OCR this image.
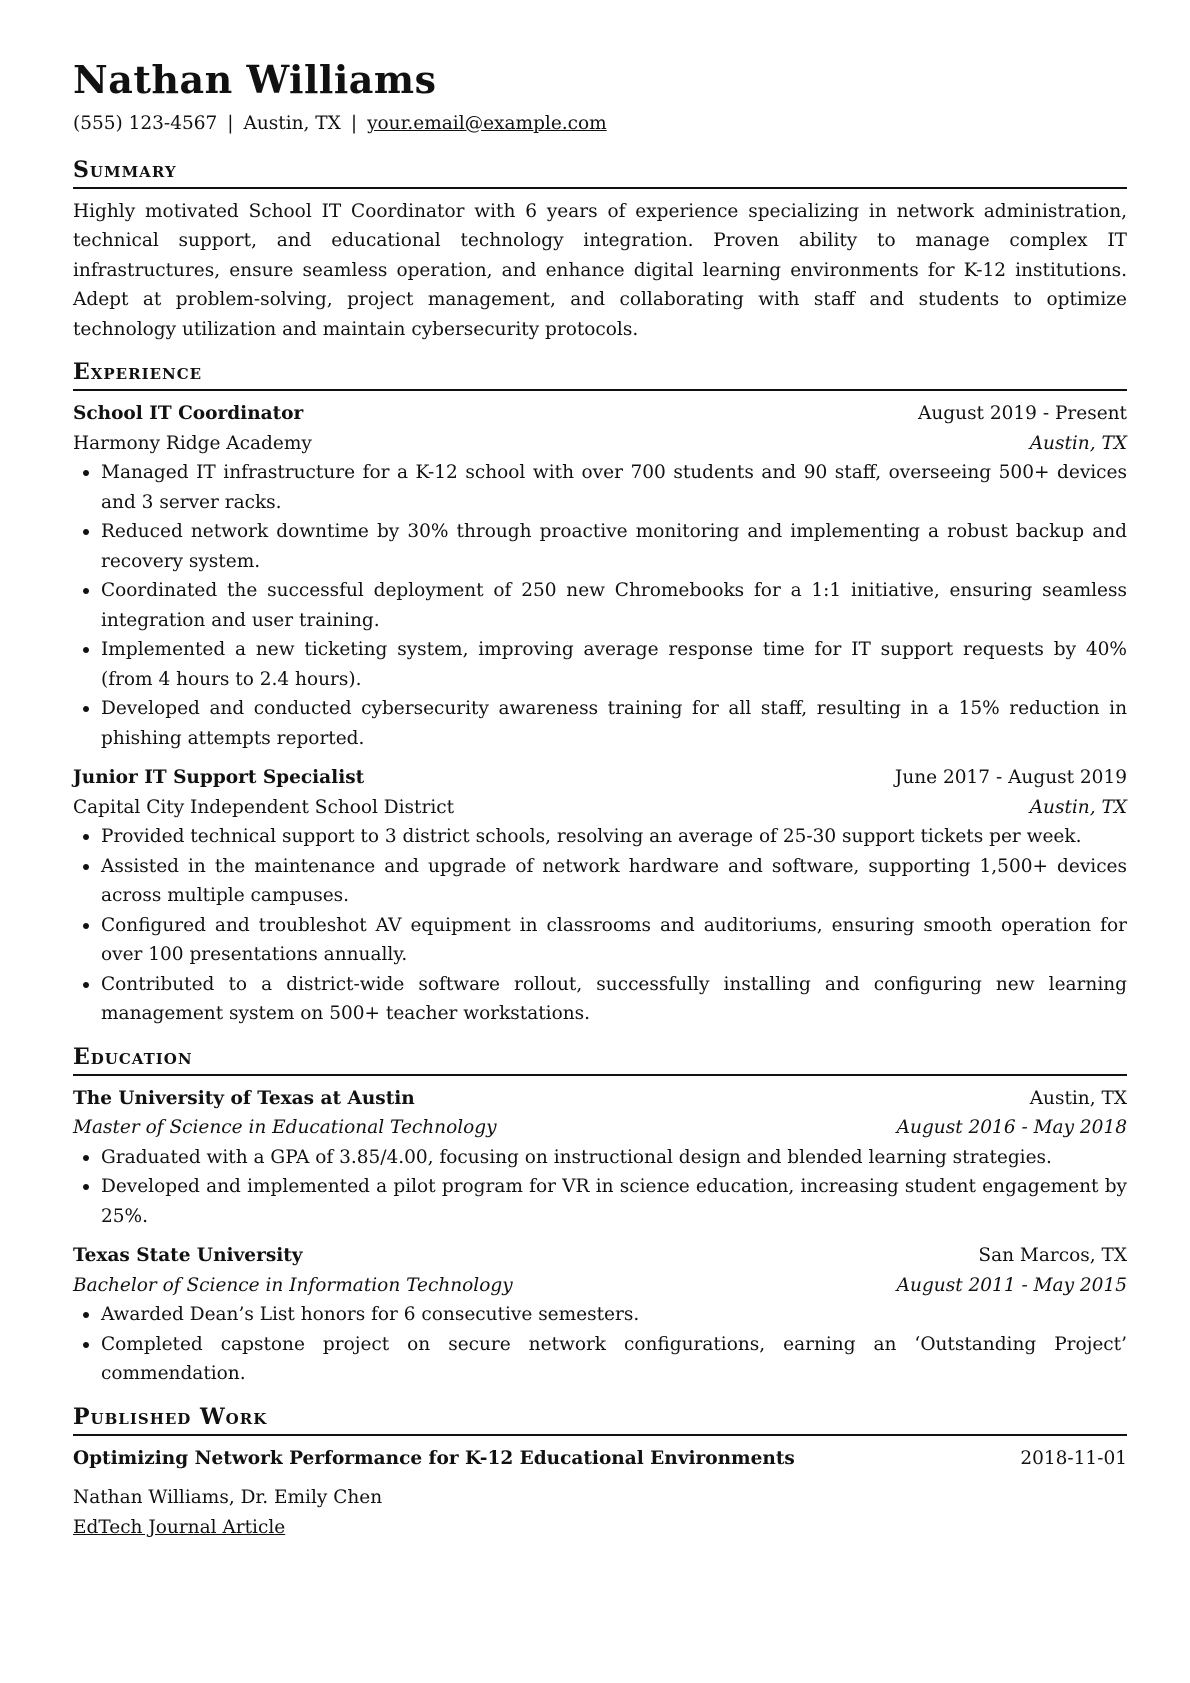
Nathan Williams
(555) 123-4567 | Austin, TX | your.email@example.com
Summary
Highly motivated School IT Coordinator with 6 years of experience specializing in network administration, technical support, and educational technology integration. Proven ability to manage complex IT infrastructures, ensure seamless operation, and enhance digital learning environments for K-12 institutions. Adept at problem-solving, project management, and collaborating with staff and students to optimize technology utilization and maintain cybersecurity protocols.
Experience
School IT Coordinator	August 2019 - Present
Harmony Ridge Academy	Austin, TX
Managed IT infrastructure for a K-12 school with over 700 students and 90 staff, overseeing 500+ devices and 3 server racks.
Reduced network downtime by 30% through proactive monitoring and implementing a robust backup and recovery system.
Coordinated the successful deployment of 250 new Chromebooks for a 1:1 initiative, ensuring seamless integration and user training.
Implemented a new ticketing system, improving average response time for IT support requests by 40% (from 4 hours to 2.4 hours).
Developed and conducted cybersecurity awareness training for all staff, resulting in a 15% reduction in phishing attempts reported.
Junior IT Support Specialist	June 2017 - August 2019
Capital City Independent School District	Austin, TX
Provided technical support to 3 district schools, resolving an average of 25-30 support tickets per week.
Assisted in the maintenance and upgrade of network hardware and software, supporting 1,500+ devices across multiple campuses.
Configured and troubleshot AV equipment in classrooms and auditoriums, ensuring smooth operation for over 100 presentations annually.
Contributed to a district-wide software rollout, successfully installing and configuring new learning management system on 500+ teacher workstations.
Education
The University of Texas at Austin	Austin, TX
Master of Science in Educational Technology	August 2016 - May 2018
Graduated with a GPA of 3.85/4.00, focusing on instructional design and blended learning strategies.
Developed and implemented a pilot program for VR in science education, increasing student engagement by 25%.
Texas State University	San Marcos, TX
Bachelor of Science in Information Technology	August 2011 - May 2015
Awarded Dean’s List honors for 6 consecutive semesters.
Completed capstone project on secure network configurations, earning an ‘Outstanding Project’ commendation.
Published Work
Optimizing Network Performance for K-12 Educational Environments	2018-11-01
Nathan Williams, Dr. Emily Chen
EdTech Journal Article
